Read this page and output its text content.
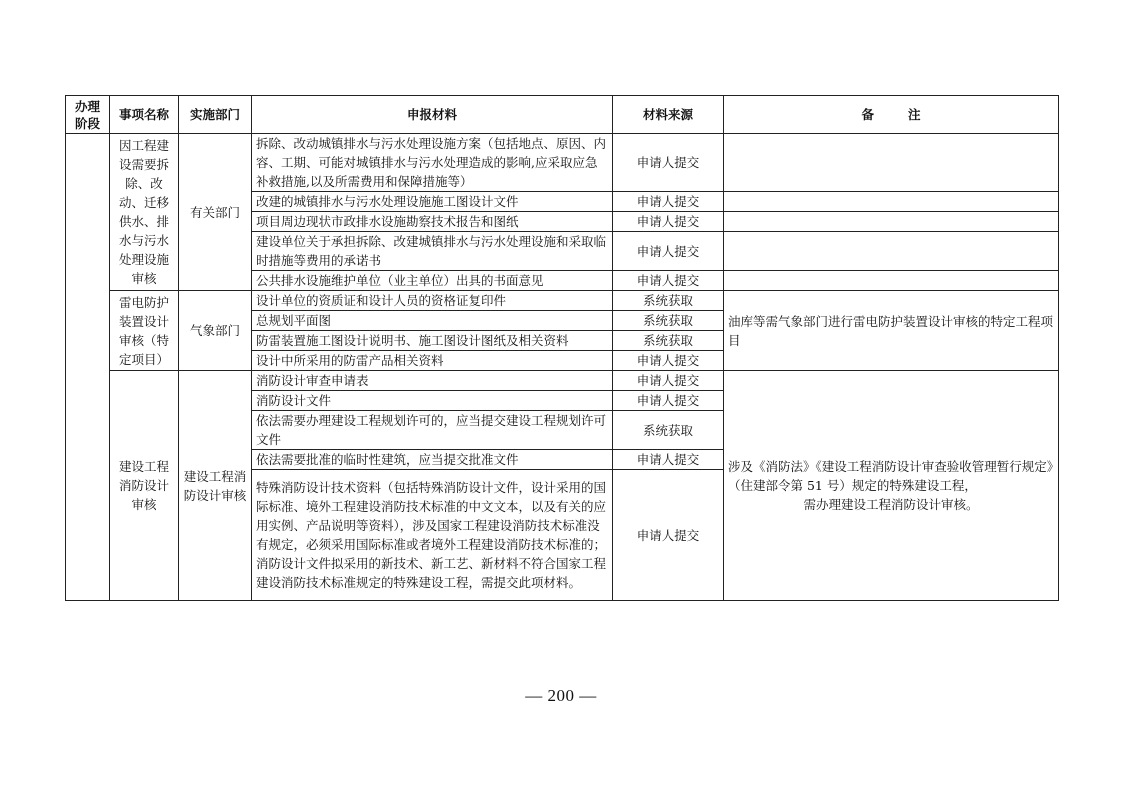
办理阶段	事项名称	实施部门	申报材料	材料来源	备 注
	因工程建设需要拆除、改动、迁移供水、排水与污水处理设施审核	有关部门	拆除、改动城镇排水与污水处理设施方案（包括地点、原因、内容、工期、可能对城镇排水与污水处理造成的影响,应采取应急补救措施,以及所需费用和保障措施等）	申请人提交	
			改建的城镇排水与污水处理设施施工图设计文件	申请人提交	
			项目周边现状市政排水设施勘察技术报告和图纸	申请人提交	
			建设单位关于承担拆除、改建城镇排水与污水处理设施和采取临时措施等费用的承诺书	申请人提交	
			公共排水设施维护单位（业主单位）出具的书面意见	申请人提交	
	雷电防护装置设计审核（特定项目）	气象部门	设计单位的资质证和设计人员的资格证复印件	系统获取	油库等需气象部门进行雷电防护装置设计审核的特定工程项目
			总规划平面图	系统获取	
			防雷装置施工图设计说明书、施工图设计图纸及相关资料	系统获取	
			设计中所采用的防雷产品相关资料	申请人提交	
	建设工程消防设计审核	建设工程消防设计审核	消防设计审查申请表	申请人提交	涉及《消防法》《建设工程消防设计审查验收管理暂行规定》（住建部令第 51 号）规定的特殊建设工程，
需办理建设工程消防设计审核。

			消防设计文件	申请人提交	
			依法需要办理建设工程规划许可的，应当提交建设工程规划许可文件	系统获取	
			依法需要批准的临时性建筑，应当提交批准文件	申请人提交	
			特殊消防设计技术资料（包括特殊消防设计文件，设计采用的国际标准、境外工程建设消防技术标准的中文文本，以及有关的应用实例、产品说明等资料），涉及国家工程建设消防技术标准没有规定，必须采用国际标准或者境外工程建设消防技术标准的；消防设计文件拟采用的新技术、新工艺、新材料不符合国家工程建设消防技术标准规定的特殊建设工程，需提交此项材料。	申请人提交	
— 200 —
